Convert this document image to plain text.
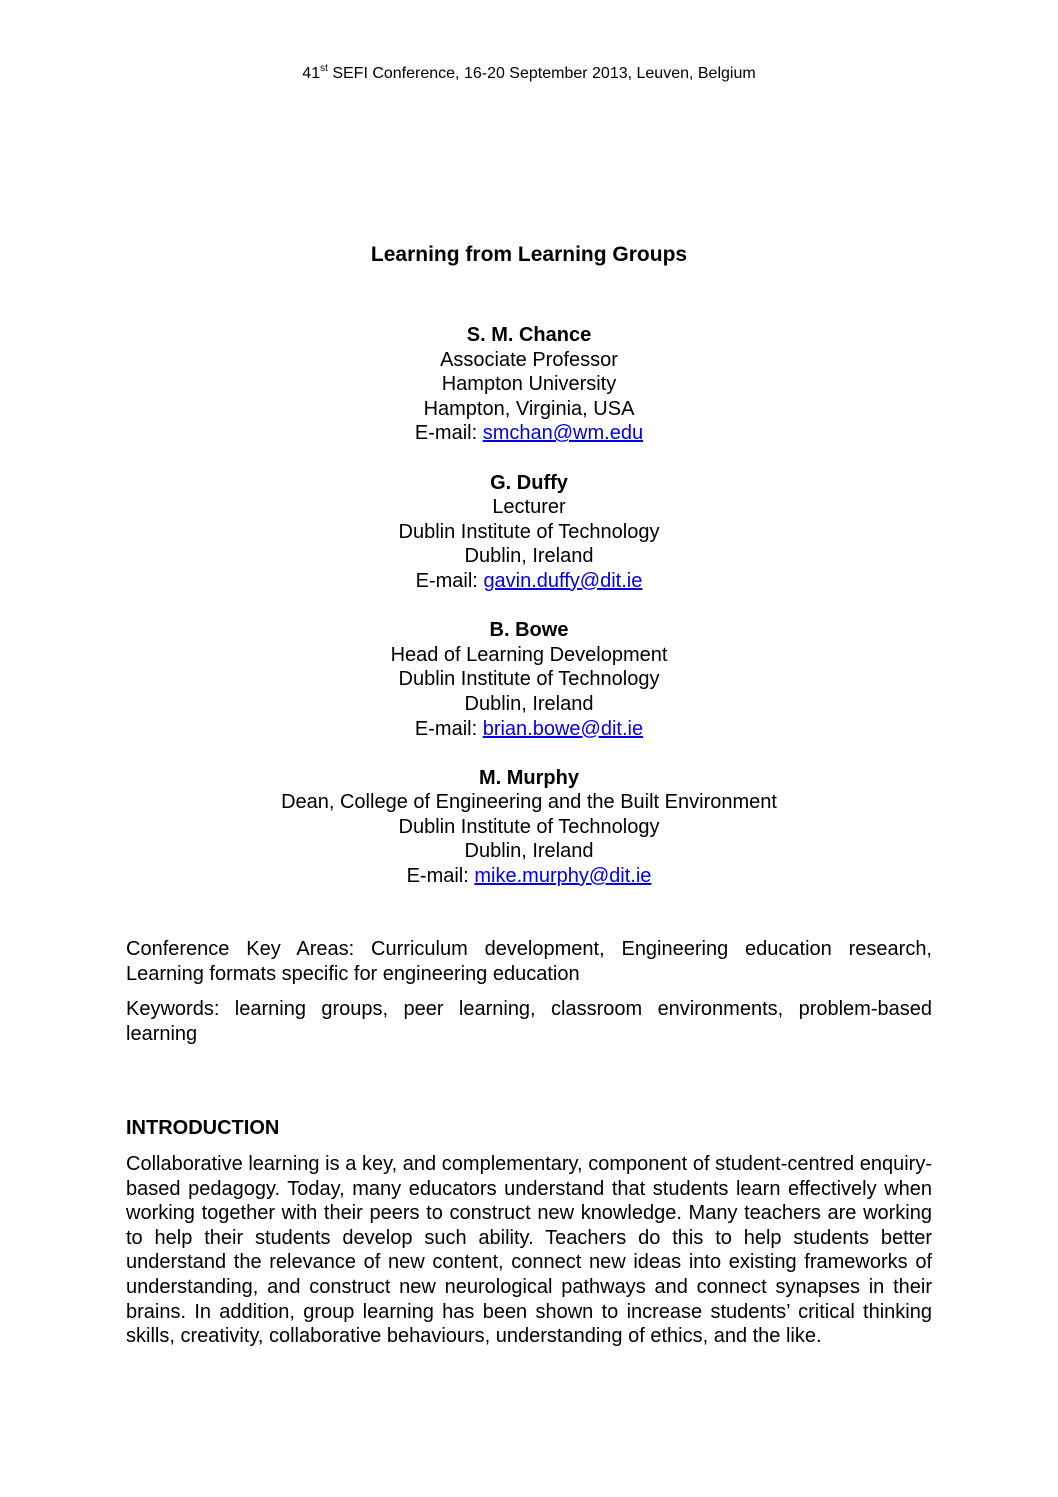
41st SEFI Conference, 16-20 September 2013, Leuven, Belgium
Learning from Learning Groups
S. M. Chance
Associate Professor
Hampton University
Hampton, Virginia, USA
E-mail: smchan@wm.edu
G. Duffy
Lecturer
Dublin Institute of Technology
Dublin, Ireland
E-mail: gavin.duffy@dit.ie
B. Bowe
Head of Learning Development
Dublin Institute of Technology
Dublin, Ireland
E-mail: brian.bowe@dit.ie
M. Murphy
Dean, College of Engineering and the Built Environment
Dublin Institute of Technology
Dublin, Ireland
E-mail: mike.murphy@dit.ie

Conference Key Areas: Curriculum development, Engineering education research, Learning formats specific for engineering education

Keywords: learning groups, peer learning, classroom environments, problem-based learning

INTRODUCTION

Collaborative learning is a key, and complementary, component of student-centred enquiry-based pedagogy. Today, many educators understand that students learn effectively when working together with their peers to construct new knowledge. Many teachers are working to help their students develop such ability. Teachers do this to help students better understand the relevance of new content, connect new ideas into existing frameworks of understanding, and construct new neurological pathways and connect synapses in their brains. In addition, group learning has been shown to increase students’ critical thinking skills, creativity, collaborative behaviours, understanding of ethics, and the like.
